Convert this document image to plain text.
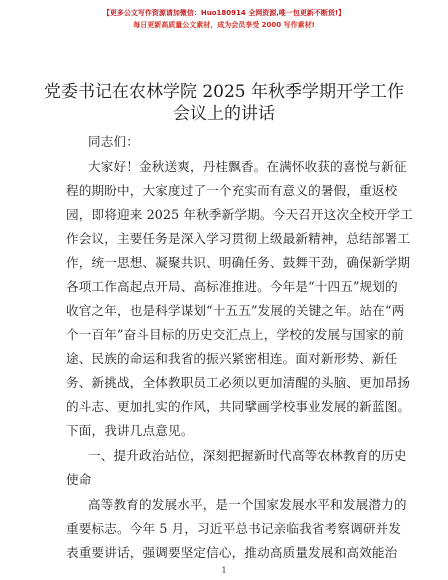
【更多公文写作资源请加微信：Huo180914 全网资源,唯一包更新不断货!】
每日更新高质量公文素材，成为会员享受 2000 写作素材!
党委书记在农林学院 2025 年秋季学期开学工作
会议上的讲话
同志们：
大家好！金秋送爽，丹桂飘香。在满怀收获的喜悦与新征
程的期盼中，大家度过了一个充实而有意义的暑假，重返校
园，即将迎来 2025 年秋季新学期。今天召开这次全校开学工
作会议，主要任务是深入学习贯彻上级最新精神，总结部署工
作，统一思想、凝聚共识、明确任务、鼓舞干劲，确保新学期
各项工作高起点开局、高标准推进。今年是“十四五”规划的
收官之年，也是科学谋划“十五五”发展的关键之年。站在“两
个一百年”奋斗目标的历史交汇点上，学校的发展与国家的前
途、民族的命运和我省的振兴紧密相连。面对新形势、新任
务、新挑战，全体教职员工必须以更加清醒的头脑、更加昂扬
的斗志、更加扎实的作风，共同擘画学校事业发展的新蓝图。
下面，我讲几点意见。
一、提升政治站位，深刻把握新时代高等农林教育的历史
使命
高等教育的发展水平，是一个国家发展水平和发展潜力的
重要标志。今年 5 月，习近平总书记亲临我省考察调研并发
表重要讲话，强调要坚定信心，推动高质量发展和高效能治
1
